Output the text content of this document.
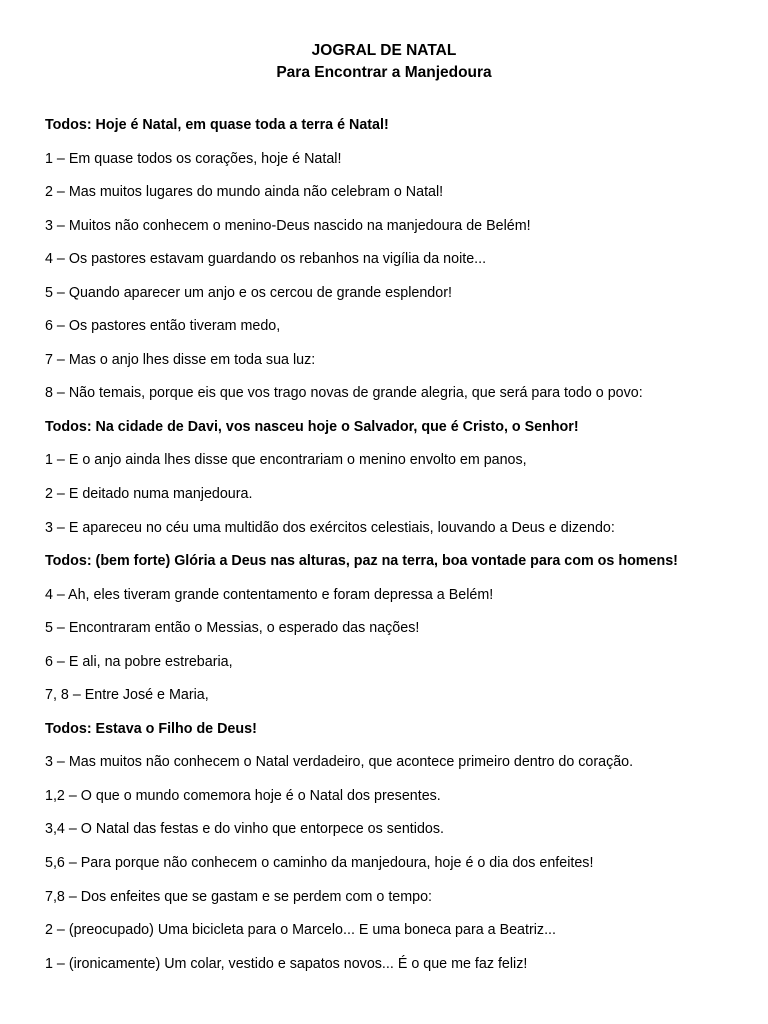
JOGRAL DE NATAL

Para Encontrar a Manjedoura

Todos: Hoje é Natal, em quase toda a terra é Natal!
1 – Em quase todos os corações, hoje é Natal!
2 – Mas muitos lugares do mundo ainda não celebram o Natal!
3 – Muitos não conhecem o menino-Deus nascido na manjedoura de Belém!
4 – Os pastores estavam guardando os rebanhos na vigília da noite...
5 – Quando aparecer um anjo e os cercou de grande esplendor!
6 – Os pastores então tiveram medo,
7 – Mas o anjo lhes disse em toda sua luz:
8 – Não temais, porque eis que vos trago novas de grande alegria, que será para todo o povo:
Todos: Na cidade de Davi, vos nasceu hoje o Salvador, que é Cristo, o Senhor!
1 – E o anjo ainda lhes disse que encontrariam o menino envolto em panos,
2 – E deitado numa manjedoura.
3 – E apareceu no céu uma multidão dos exércitos celestiais, louvando a Deus e dizendo:
Todos: (bem forte) Glória a Deus nas alturas, paz na terra, boa vontade para com os homens!
4 – Ah, eles tiveram grande contentamento e foram depressa a Belém!
5 – Encontraram então o Messias, o esperado das nações!
6 – E ali, na pobre estrebaria,
7, 8 – Entre José e Maria,
Todos: Estava o Filho de Deus!
3 – Mas muitos não conhecem o Natal verdadeiro, que acontece primeiro dentro do coração.
1,2 – O que o mundo comemora hoje é o Natal dos presentes.
3,4 – O Natal das festas e do vinho que entorpece os sentidos.
5,6 – Para porque não conhecem o caminho da manjedoura, hoje é o dia dos enfeites!
7,8 – Dos enfeites que se gastam e se perdem com o tempo:
2 – (preocupado) Uma bicicleta para o Marcelo... E uma boneca para a Beatriz...
1 – (ironicamente) Um colar, vestido e sapatos novos... É o que me faz feliz!
